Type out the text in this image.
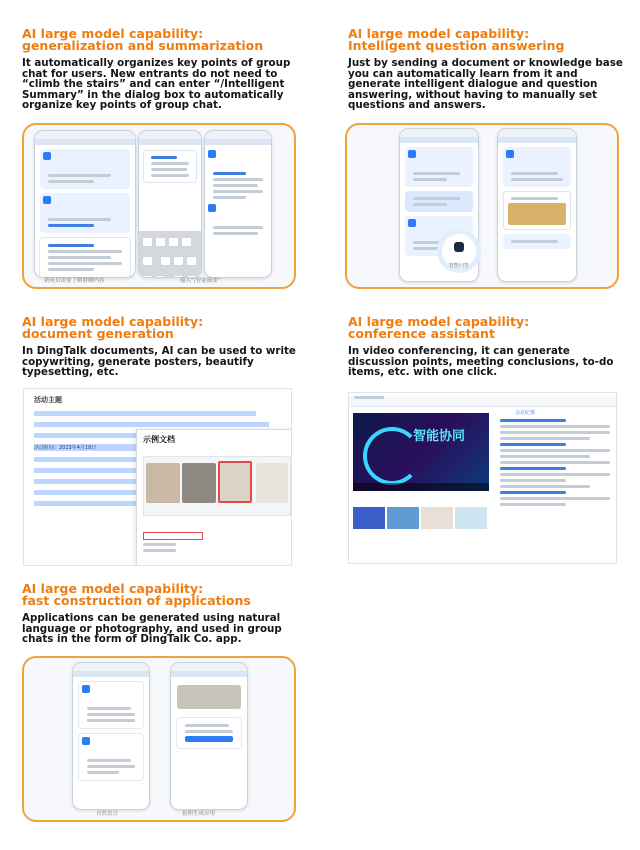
AI large model capability:
generalization and summarization

It automatically organizes key points of group chat for users. New entrants do not need to “climb the stairs” and can enter “/Intelligent Summary” in the dialog box to automatically organize key points of group chat.

AI large model capability:
Intelligent question answering

Just by sending a document or knowledge base you can automatically learn from it and generate intelligent dialogue and question answering, without having to manually set questions and answers.

新成员需要了解群聊内容	输入“/智能摘要”
智能问答

AI large model capability:
document generation

In DingTalk documents, AI can be used to write copywriting, generate posters, beautify typesetting, etc.

AI large model capability:
conference assistant

In video conferencing, it can generate discussion points, meeting conclusions, to-do items, etc. with one click.

活动主题
活动时间：2023年4月18日
示例文档	智能协同
会议纪要

AI large model capability:
fast construction of applications

Applications can be generated using natural language or photography, and used in group chats in the form of DingTalk Co. app.

自然语言	拍照生成应用
